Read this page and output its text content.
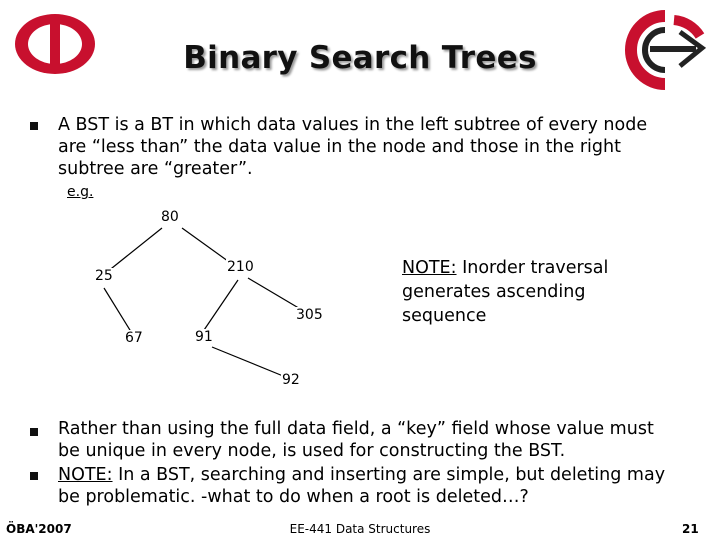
Binary Search Trees
A BST is a BT in which data values in the left subtree of every node are “less than” the data value in the node and those in the right subtree are “greater”.
e.g.
80
25
210
67	91
305
92
NOTE: Inorder traversal generates ascending sequence
Rather than using the full data field, a “key” field whose value must be unique in every node, is used for constructing the BST.
NOTE: In a BST, searching and inserting are simple, but deleting may be problematic. -what to do when a root is deleted…?
ÖBA'2007	EE-441 Data Structures	21
